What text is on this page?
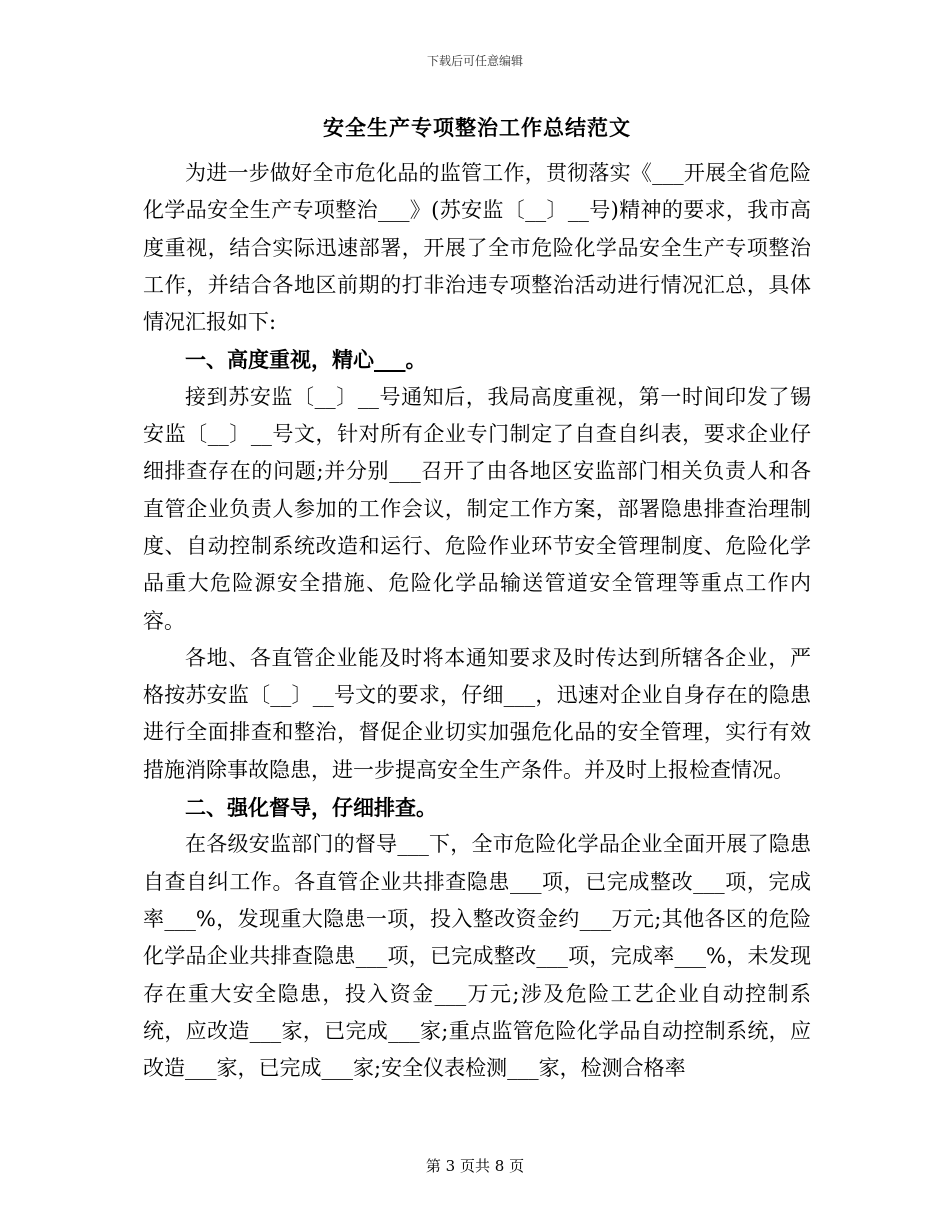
下载后可任意编辑
安全生产专项整治工作总结范文

为进一步做好全市危化品的监管工作，贯彻落实《___开展全省危险化学品安全生产专项整治___》(苏安监〔__〕__号)精神的要求，我市高度重视，结合实际迅速部署，开展了全市危险化学品安全生产专项整治工作，并结合各地区前期的打非治违专项整治活动进行情况汇总，具体情况汇报如下:

一、高度重视，精心___。

接到苏安监〔__〕__号通知后，我局高度重视，第一时间印发了锡安监〔__〕__号文，针对所有企业专门制定了自查自纠表，要求企业仔细排查存在的问题;并分别___召开了由各地区安监部门相关负责人和各直管企业负责人参加的工作会议，制定工作方案，部署隐患排查治理制度、自动控制系统改造和运行、危险作业环节安全管理制度、危险化学品重大危险源安全措施、危险化学品输送管道安全管理等重点工作内容。

各地、各直管企业能及时将本通知要求及时传达到所辖各企业，严格按苏安监〔__〕__号文的要求，仔细___，迅速对企业自身存在的隐患进行全面排查和整治，督促企业切实加强危化品的安全管理，实行有效措施消除事故隐患，进一步提高安全生产条件。并及时上报检查情况。

二、强化督导，仔细排查。

在各级安监部门的督导___下，全市危险化学品企业全面开展了隐患自查自纠工作。各直管企业共排查隐患___项，已完成整改___项，完成率___%，发现重大隐患一项，投入整改资金约___万元;其他各区的危险化学品企业共排查隐患___项，已完成整改___项，完成率___%，未发现存在重大安全隐患，投入资金___万元;涉及危险工艺企业自动控制系统，应改造___家，已完成___家;重点监管危险化学品自动控制系统，应改造___家，已完成___家;安全仪表检测___家，检测合格率

第 3 页共 8 页
